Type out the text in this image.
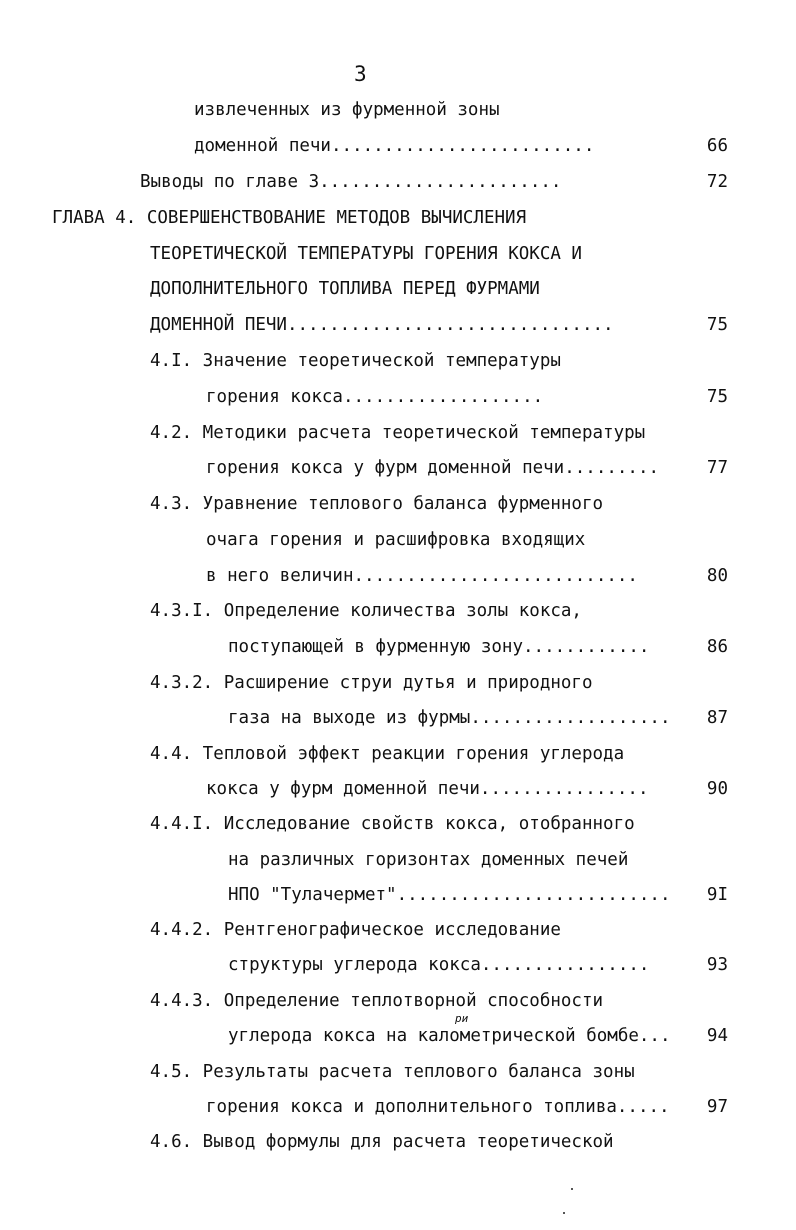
3
извлеченных из фурменной зоны
доменной печи.........................	66
Выводы по главе 3.......................	72
ГЛАВА 4. СОВЕРШЕНСТВОВАНИЕ МЕТОДОВ ВЫЧИСЛЕНИЯ
ТЕОРЕТИЧЕСКОЙ ТЕМПЕРАТУРЫ ГОРЕНИЯ КОКСА И
ДОПОЛНИТЕЛЬНОГО ТОПЛИВА ПЕРЕД ФУРМАМИ
ДОМЕННОЙ ПЕЧИ...............................	75
4.I. Значение теоретической температуры
горения кокса...................	75
4.2. Методики расчета теоретической температуры
горения кокса у фурм доменной печи.........	77
4.3. Уравнение теплового баланса фурменного
очага горения и расшифровка входящих
в него величин...........................	80
4.3.I. Определение количества золы кокса,
поступающей в фурменную зону............	86
4.3.2. Расширение струи дутья и природного
газа на выходе из фурмы...................	87
4.4. Тепловой эффект реакции горения углерода
кокса у фурм доменной печи................	90
4.4.I. Исследование свойств кокса, отобранного
на различных горизонтах доменных печей
НПО "Тулачермет"..........................	9I
4.4.2. Рентгенографическое исследование
структуры углерода кокса................	93
4.4.3. Определение теплотворной способности
ри
углерода кокса на калометрической бомбе...	94
4.5. Результаты расчета теплового баланса зоны
горения кокса и дополнительного топлива.....	97
4.6. Вывод формулы для расчета теоретической
